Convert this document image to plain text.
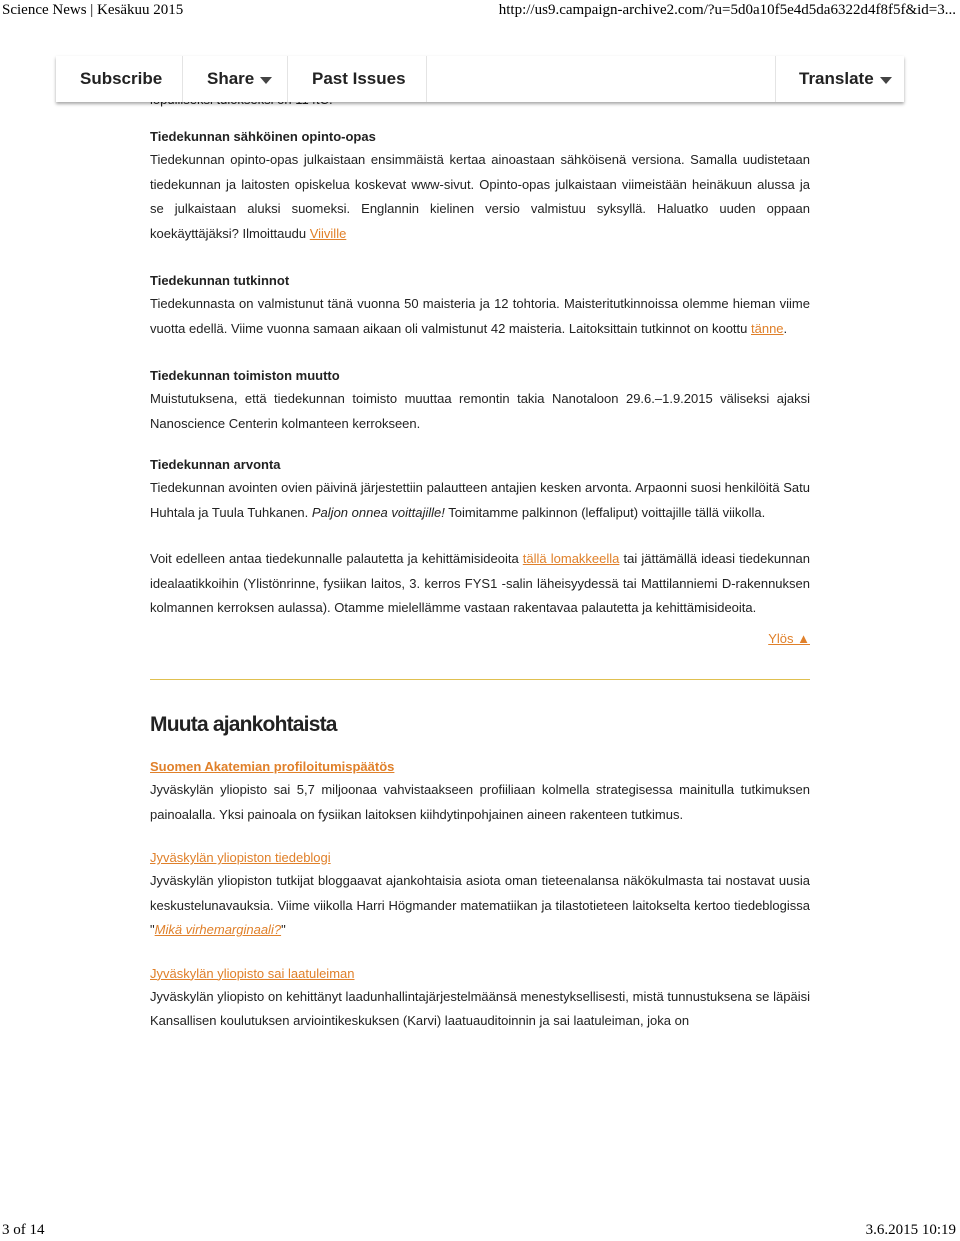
Science News | Kesäkuu 2015	http://us9.campaign-archive2.com/?u=5d0a10f5e4d5da6322d4f8f5f&id=3...
Tiedekunnan sähköinen opinto-opas

Tiedekunnan opinto-opas julkaistaan ensimmäistä kertaa ainoastaan sähköisenä versiona. Samalla uudistetaan tiedekunnan ja laitosten opiskelua koskevat www-sivut. Opinto-opas julkaistaan viimeistään heinäkuun alussa ja se julkaistaan aluksi suomeksi. Englannin kielinen versio valmistuu syksyllä. Haluatko uuden oppaan koekäyttäjäksi? Ilmoittaudu Viiville

Tiedekunnan tutkinnot

Tiedekunnasta on valmistunut tänä vuonna 50 maisteria ja 12 tohtoria. Maisteritutkinnoissa olemme hieman viime vuotta edellä. Viime vuonna samaan aikaan oli valmistunut 42 maisteria. Laitoksittain tutkinnot on koottu tänne.

Tiedekunnan toimiston muutto

Muistutuksena, että tiedekunnan toimisto muuttaa remontin takia Nanotaloon 29.6.–1.9.2015 väliseksi ajaksi Nanoscience Centerin kolmanteen kerrokseen.

Tiedekunnan arvonta

Tiedekunnan avointen ovien päivinä järjestettiin palautteen antajien kesken arvonta. Arpaonni suosi henkilöitä Satu Huhtala ja Tuula Tuhkanen. Paljon onnea voittajille! Toimitamme palkinnon (leffaliput) voittajille tällä viikolla.

Voit edelleen antaa tiedekunnalle palautetta ja kehittämisideoita tällä lomakkeella tai jättämällä ideasi tiedekunnan idealaatikkoihin (Ylistönrinne, fysiikan laitos, 3. kerros FYS1 -salin läheisyydessä tai Mattilanniemi D-rakennuksen kolmannen kerroksen aulassa). Otamme mielellämme vastaan rakentavaa palautetta ja kehittämisideoita.

Ylös ▲
Muuta ajankohtaista
Suomen Akatemian profiloitumispäätös

Jyväskylän yliopisto sai 5,7 miljoonaa vahvistaakseen profiiliaan kolmella strategisessa mainitulla tutkimuksen painoalalla. Yksi painoala on fysiikan laitoksen kiihdytinpohjainen aineen rakenteen tutkimus.

Jyväskylän yliopiston tiedeblogi

Jyväskylän yliopiston tutkijat bloggaavat ajankohtaisia asiota oman tieteenalansa näkökulmasta tai nostavat uusia keskustelunavauksia. Viime viikolla Harri Högmander matematiikan ja tilastotieteen laitokselta kertoo tiedeblogissa "Mikä virhemarginaali?"

Jyväskylän yliopisto sai laatuleiman

Jyväskylän yliopisto on kehittänyt laadunhallintajärjestelmäänsä menestyksellisesti, mistä tunnustuksena se läpäisi Kansallisen koulutuksen arviointikeskuksen (Karvi) laatuauditoinnin ja sai laatuleiman, joka on

Subscribe	Share	Past Issues	Translate
3 of 14	3.6.2015 10:19
